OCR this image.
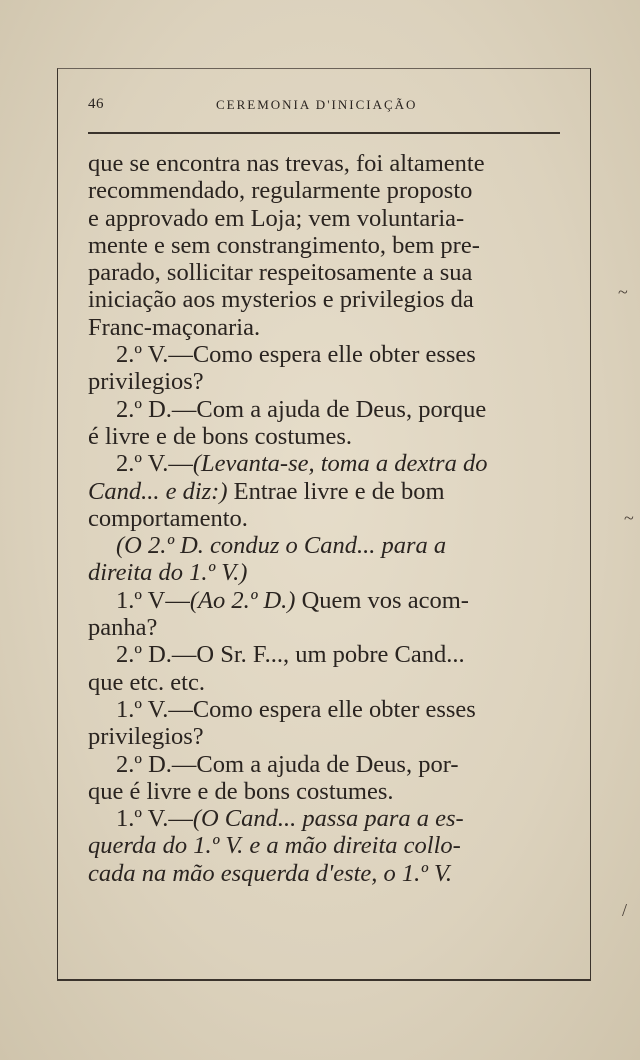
46	CEREMONIA D'INICIAÇÃO
que se encontra nas trevas, foi altamente
recommendado, regularmente proposto
e approvado em Loja; vem voluntaria-
mente e sem constrangimento, bem pre-
parado, sollicitar respeitosamente a sua
iniciação aos mysterios e privilegios da
Franc-maçonaria.
2.º V.—Como espera elle obter esses
privilegios?
2.º D.—Com a ajuda de Deus, porque
é livre e de bons costumes.
2.º V.—(Levanta-se, toma a dextra do
Cand... e diz:) Entrae livre e de bom
comportamento.
(O 2.º D. conduz o Cand... para a
direita do 1.º V.)
1.º V—(Ao 2.º D.) Quem vos acom-
panha?
2.º D.—O Sr. F..., um pobre Cand...
que etc. etc.
1.º V.—Como espera elle obter esses
privilegios?
2.º D.—Com a ajuda de Deus, por-
que é livre e de bons costumes.
1.º V.—(O Cand... passa para a es-
querda do 1.º V. e a mão direita collo-
cada na mão esquerda d'este, o 1.º V.
~
~
/
